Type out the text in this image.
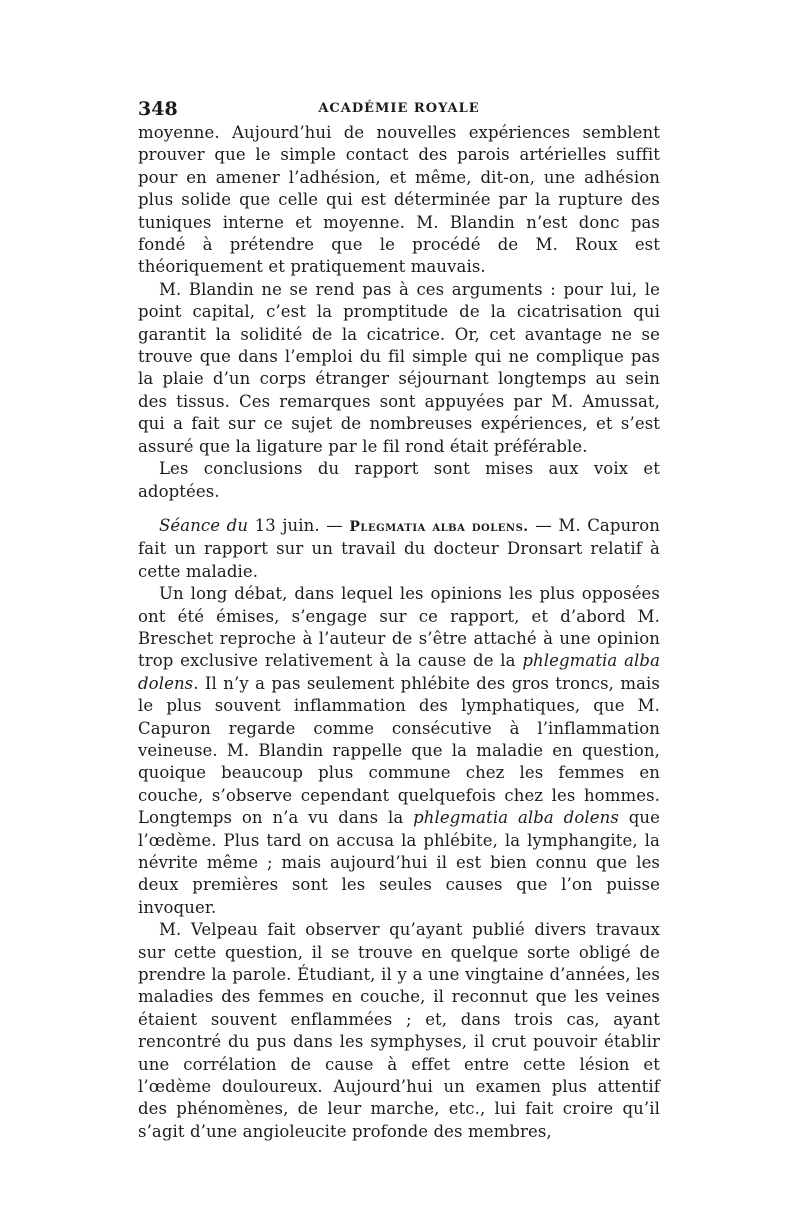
348	ACADÉMIE ROYALE

moyenne. Aujourd’hui de nouvelles expériences semblent prouver que le simple contact des parois artérielles suffit pour en amener l’adhésion, et même, dit-on, une adhésion plus solide que celle qui est déterminée par la rupture des tuniques interne et moyenne. M. Blandin n’est donc pas fondé à prétendre que le procédé de M. Roux est théoriquement et pratiquement mauvais.

M. Blandin ne se rend pas à ces arguments : pour lui, le point capital, c’est la promptitude de la cicatrisation qui garantit la solidité de la cicatrice. Or, cet avantage ne se trouve que dans l’emploi du fil simple qui ne complique pas la plaie d’un corps étranger séjournant longtemps au sein des tissus. Ces remarques sont appuyées par M. Amussat, qui a fait sur ce sujet de nombreuses expériences, et s’est assuré que la ligature par le fil rond était préférable.

Les conclusions du rapport sont mises aux voix et adoptées.

Séance du 13 juin. — Plegmatia alba dolens. — M. Capuron fait un rapport sur un travail du docteur Dronsart relatif à cette maladie.

Un long débat, dans lequel les opinions les plus opposées ont été émises, s’engage sur ce rapport, et d’abord M. Breschet reproche à l’auteur de s’être attaché à une opinion trop exclusive relativement à la cause de la phlegmatia alba dolens. Il n’y a pas seulement phlébite des gros troncs, mais le plus souvent inflammation des lymphatiques, que M. Capuron regarde comme consécutive à l’inflammation veineuse. M. Blandin rappelle que la maladie en question, quoique beaucoup plus commune chez les femmes en couche, s’observe cependant quelquefois chez les hommes. Longtemps on n’a vu dans la phlegmatia alba dolens que l’œdème. Plus tard on accusa la phlébite, la lymphangite, la névrite même ; mais aujourd’hui il est bien connu que les deux premières sont les seules causes que l’on puisse invoquer.

M. Velpeau fait observer qu’ayant publié divers travaux sur cette question, il se trouve en quelque sorte obligé de prendre la parole. Étudiant, il y a une vingtaine d’années, les maladies des femmes en couche, il reconnut que les veines étaient souvent enflammées ; et, dans trois cas, ayant rencontré du pus dans les symphyses, il crut pouvoir établir une corrélation de cause à effet entre cette lésion et l’œdème douloureux. Aujourd’hui un examen plus attentif des phénomènes, de leur marche, etc., lui fait croire qu’il s’agit d’une angioleucite profonde des membres,
